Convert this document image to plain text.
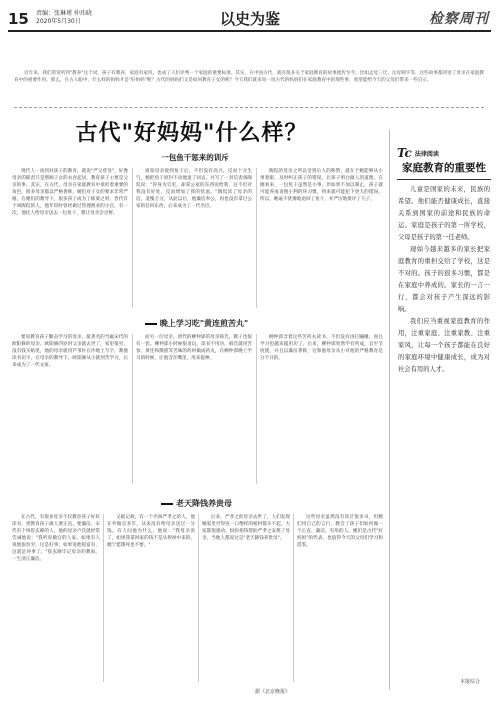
15 责编：张琳瑾 仲玮晓
2020年5月30日	以史为鉴	检察周刊
近年来，我们常常听到"教养"这个词，孩子有教养，家庭有家风，也成了人们评判一个家庭的重要标准。其实，在中国古代，就有很多关于家庭教育的故事流传至今，比如孟母三迁、岳母刺字等，这些故事都讲述了母亲在家庭教育中的重要作用。那么，在古人眼中，什么样的妈妈才是"好妈妈"呢？古代的妈妈们又是如何教育子女的呢？今天我们就来说一说古代的妈妈们在家庭教育中的那些事，希望能给今天的父母们带来一些启示。
古代"好妈妈"什么样？
一包鱼干惩来的训斥

现代人一谈到对孩子的教育，就说"严父慈母"，好像母亲的职责只是照顾子女的衣食起居，教育孩子主要是父亲的事。其实，在古代，母亲在家庭教育中承担着重要的角色，很多母亲都以严格著称，她们对子女的要求非常严格，在她们的教导下，很多孩子成为了栋梁之材。晋代有个叫陶侃的人，他年轻时曾经做过管理渔业的小官，有一次，他托人给母亲送去一包鱼干，想让母亲尝尝鲜。

谁知母亲收到鱼干后，不但没有高兴，反而十分生气，她把鱼干原封不动地退了回去，并写了一封信责备陶侃说："你身为官吏，却拿公家的东西送给我，这不但对我没有好处，反而增加了我的忧虑。"陶侃读了母亲的信，羞愧万分，从此以后，他廉洁奉公，再也没有拿过公家的任何东西，后来成为了一代名臣。

陶侃的母亲之所以受到后人的称赞，就在于她能够从小事着眼，及时纠正孩子的错误，让孩子明白做人的道理。在她看来，一包鱼干虽然是小事，但如果不加以制止，孩子就可能养成贪图小利的坏习惯，将来就可能犯下更大的错误。所以，她毫不犹豫地退回了鱼干，并严厉地批评了儿子。

晚上学习吃"黄连煎苦丸"

要说教育孩子勤奋学习的母亲，最著名的当属宋代的欧阳修的母亲。欧阳修四岁时父亲就去世了，家里很穷，没有钱买纸笔，他的母亲就用芦苇秆在沙地上写字，教他读书识字。在母亲的教导下，欧阳修从小就刻苦学习，后来成为了一代文豪。

而另一位母亲，唐代的柳仲郢的母亲韩氏，教子也很有一套。柳仲郢小时候很贪玩，读书不用功，韩氏就用苦参、黄连和熊胆等苦味的药材做成药丸，在柳仲郢晚上学习的时候，让他含在嘴里，用来提神。

柳仲郢含着这些苦药丸读书，不但没有再打瞌睡，而且学习也越来越用功了。后来，柳仲郢果然学有所成，官至节度使，并且以廉洁著称，这和他母亲从小对他的严格教育是分不开的。

老天降钱养贵母

在古代，有很多母亲不仅教育孩子好好读书，更教育孩子做人要正直、要廉洁。宋代有个叫崔玄暐的人，他的母亲卢氏就经常告诫他说："我听说做官的人家，如果有人说他很贫穷，这是好事；如果说他很富有，这就是坏事了。"崔玄暐牢记母亲的教诲，一生清正廉洁。

又据记载，有一个名叫严孝之的人，他在外做官多年，从来没有给母亲送过一分钱。有人问他为什么，他说："我母亲说了，如果我拿回家的钱不是从俸禄中来的，她宁愿饿死也不要。"

后来，严孝之的母亲去世了，人们发现她家里穷得连一口像样的棺材都买不起，大家都很感动，纷纷捐钱帮助严孝之安葬了母亲，当地人都说这是"老天降钱养贵母"。

这些母亲虽然没有读过很多书，但她们用自己的言行，教会了孩子们如何做一个正直、廉洁、有用的人。她们是古代"好妈妈"的代表，也值得今天的父母们学习和借鉴。

据《北京晚报》
Tc 法律阅读
家庭教育的重要性

儿童是国家的未来，民族的希望。他们能否健康成长，直接关系到国家的前途和民族的命运。家庭是孩子的第一所学校，父母是孩子的第一任老师。

现如今越来越多的家长把家庭教育的重担交给了学校，这是不对的。孩子的很多习惯，都是在家庭中养成的。家长的一言一行，都会对孩子产生深远的影响。

我们应当重视家庭教育的作用，注重家庭、注重家教、注重家风，让每一个孩子都能在良好的家庭环境中健康成长，成为对社会有用的人才。

本报综合
